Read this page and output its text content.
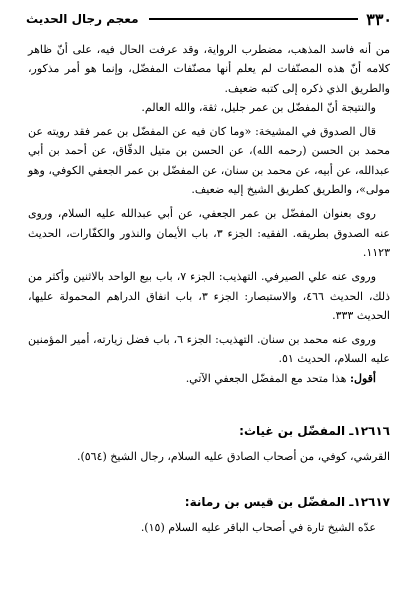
٣٣٠
معجم رجال الحديث

من أنه فاسد المذهب، مضطرب الرواية، وقد عرفت الحال فيه، على أنّ ظاهر كلامه أنّ هذه المصنّفات لم يعلم أنها مصنّفات المفضّل، وإنما هو أمر مذكور، والطريق الذي ذكره إلى كتبه ضعيف.

والنتيجة أنّ المفضّل بن عمر جليل، ثقة، والله العالم.

قال الصدوق في المشيخة: «وما كان فيه عن المفضّل بن عمر فقد رويته عن محمد بن الحسن (رحمه الله)، عن الحسن بن متيل الدقّاق، عن أحمد بن أبي عبدالله، عن أبيه، عن محمد بن سنان، عن المفضّل بن عمر الجعفي الكوفي، وهو مولى»، والطريق كطريق الشيخ إليه ضعيف.

روى بعنوان المفضّل بن عمر الجعفي، عن أبي عبدالله عليه السلام، وروى عنه الصدوق بطريقه. الفقيه: الجزء ٣، باب الأيمان والنذور والكفّارات، الحديث ١١٢٣.

وروى عنه علي الصيرفي. التهذيب: الجزء ٧، باب بيع الواحد بالاثنين وأكثر من ذلك، الحديث ٤٦٦، والاستبصار: الجزء ٣، باب انفاق الدراهم المحمولة عليها، الحديث ٣٣٣.

وروى عنه محمد بن سنان. التهذيب: الجزء ٦، باب فضل زيارته، أمير المؤمنين عليه السلام، الحديث ٥١.

أقول: هذا متحد مع المفضّل الجعفي الآتي.

١٢٦١٦ـ المفضّل بن غياث:

القرشي، كوفي، من أصحاب الصادق عليه السلام، رجال الشيخ (٥٦٤).

١٢٦١٧ـ المفضّل بن قيس بن رمانة:

عدّه الشيخ تارة في أصحاب الباقر عليه السلام (١٥).
